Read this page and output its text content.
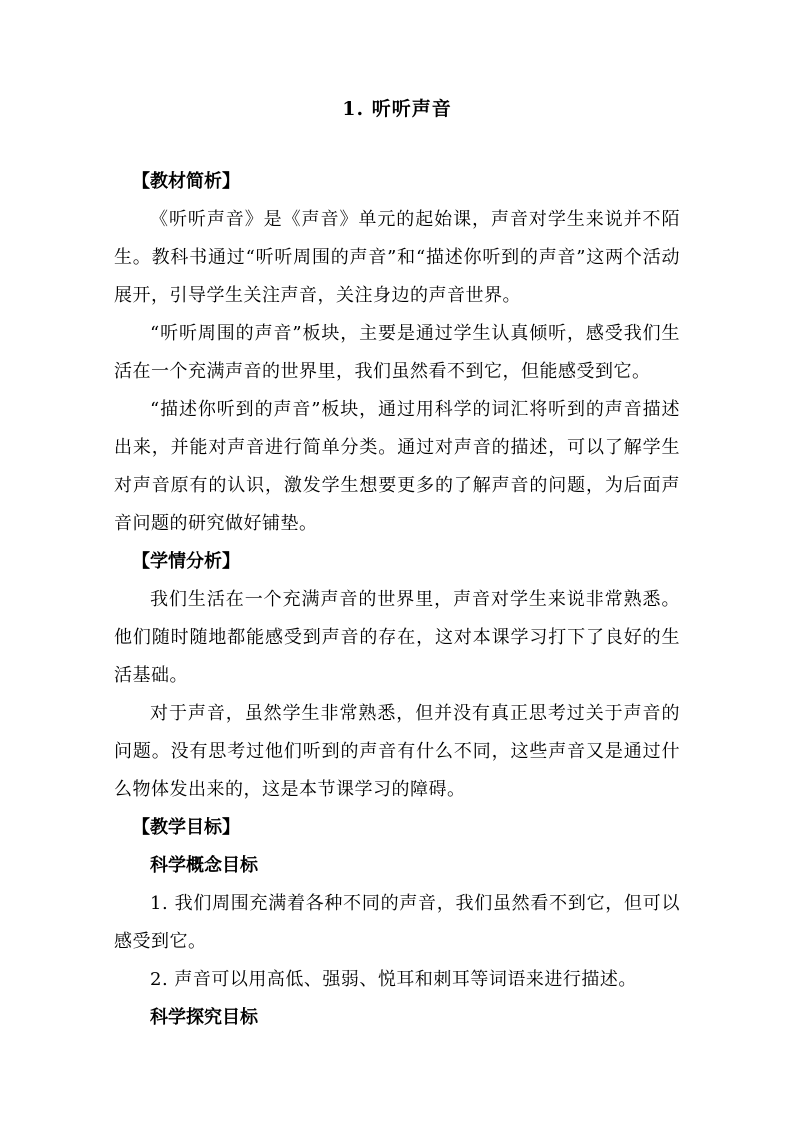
1. 听听声音
【教材简析】

《听听声音》是《声音》单元的起始课，声音对学生来说并不陌生。教科书通过“听听周围的声音”和“描述你听到的声音”这两个活动展开，引导学生关注声音，关注身边的声音世界。

“听听周围的声音”板块，主要是通过学生认真倾听，感受我们生活在一个充满声音的世界里，我们虽然看不到它，但能感受到它。

“描述你听到的声音”板块，通过用科学的词汇将听到的声音描述出来，并能对声音进行简单分类。通过对声音的描述，可以了解学生对声音原有的认识，激发学生想要更多的了解声音的问题，为后面声音问题的研究做好铺垫。

【学情分析】

我们生活在一个充满声音的世界里，声音对学生来说非常熟悉。他们随时随地都能感受到声音的存在，这对本课学习打下了良好的生活基础。

对于声音，虽然学生非常熟悉，但并没有真正思考过关于声音的问题。没有思考过他们听到的声音有什么不同，这些声音又是通过什么物体发出来的，这是本节课学习的障碍。

【教学目标】
科学概念目标

1. 我们周围充满着各种不同的声音，我们虽然看不到它，但可以感受到它。

2. 声音可以用高低、强弱、悦耳和刺耳等词语来进行描述。

科学探究目标
